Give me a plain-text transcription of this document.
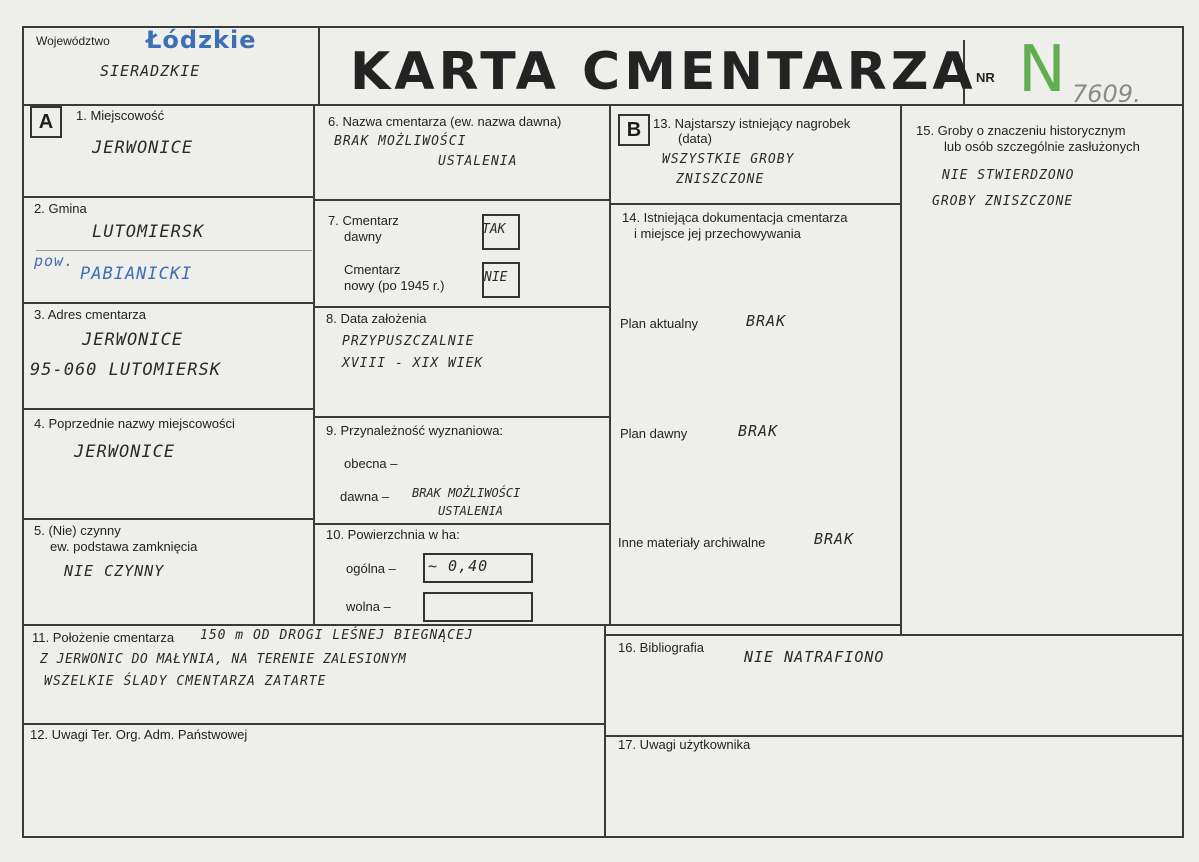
Województwo Łódzkie
SIERADZKIE	KARTA CMENTARZA NR N 7609.
A	1. Miejscowość
JERWONICE
2. Gmina
LUTOMIERSK
pow.
PABIANICKI
3. Adres cmentarza
JERWONICE
95-060 LUTOMIERSK
4. Poprzednie nazwy miejscowości
JERWONICE
5. (Nie) czynny
ew. podstawa zamknięcia
NIE CZYNNY
6. Nazwa cmentarza (ew. nazwa dawna)
BRAK MOŻLIWOŚCI
USTALENIA
7. Cmentarz
dawny	TAK
Cmentarz
nowy (po 1945 r.)
NIE
8. Data założenia
PRZYPUSZCZALNIE
XVIII - XIX WIEK
9. Przynależność wyznaniowa:
obecna –
dawna – BRAK MOŻLIWOŚCI
USTALENIA
10. Powierzchnia w ha:
ogólna – ~ 0,40
wolna –
B 13. Najstarszy istniejący nagrobek
(data)
WSZYSTKIE GROBY
ZNISZCZONE
14. Istniejąca dokumentacja cmentarza
i miejsce jej przechowywania
Plan aktualny	BRAK
Plan dawny	BRAK
Inne materiały archiwalne	BRAK
15. Groby o znaczeniu historycznym
lub osób szczególnie zasłużonych
NIE STWIERDZONO
GROBY ZNISZCZONE
11. Położenie cmentarza 150 m OD DROGI LEŚNEJ BIEGNĄCEJ
Z JERWONIC DO MAŁYNIA, NA TERENIE ZALESIONYM
WSZELKIE ŚLADY CMENTARZA ZATARTE
16. Bibliografia
NIE NATRAFIONO
12. Uwagi Ter. Org. Adm. Państwowej
17. Uwagi użytkownika
